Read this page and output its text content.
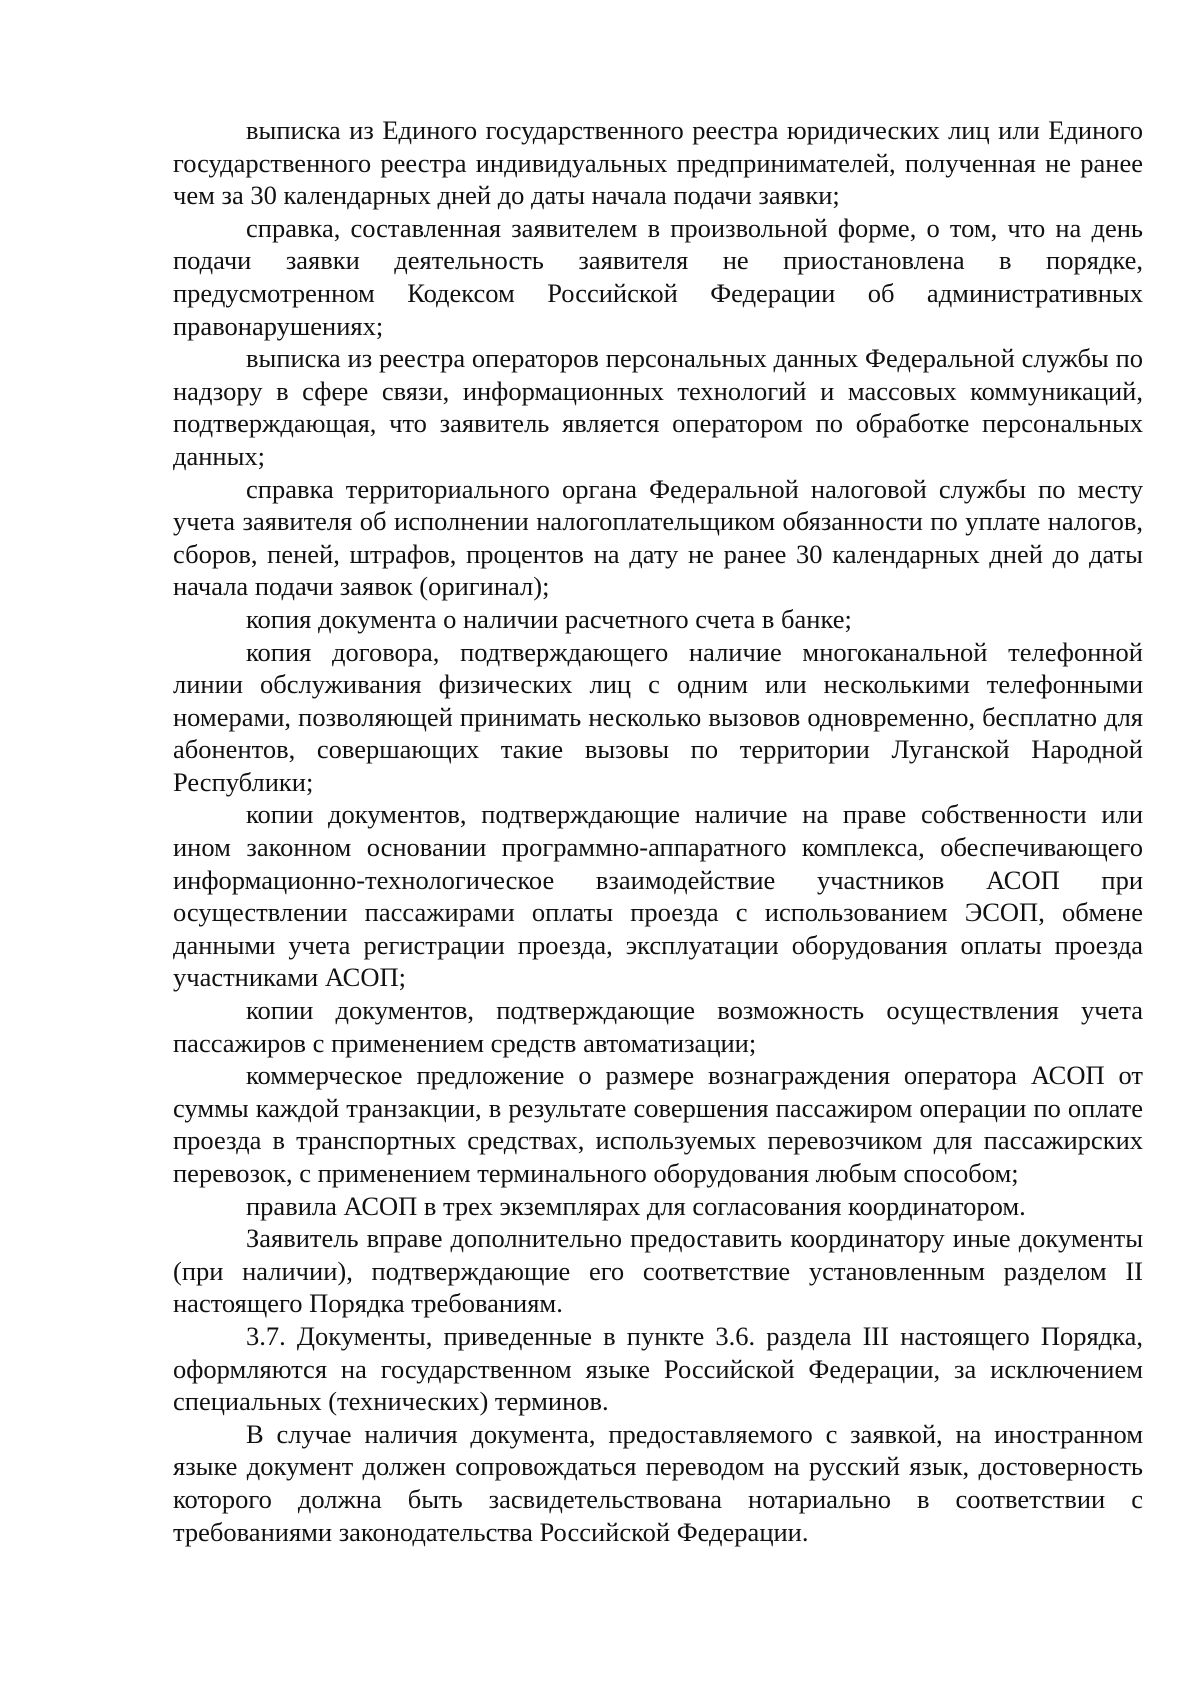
выписка из Единого государственного реестра юридических лиц или Единого государственного реестра индивидуальных предпринимателей, полученная не ранее чем за 30 календарных дней до даты начала подачи заявки;

справка, составленная заявителем в произвольной форме, о том, что на день подачи заявки деятельность заявителя не приостановлена в порядке, предусмотренном Кодексом Российской Федерации об административных правонарушениях;

выписка из реестра операторов персональных данных Федеральной службы по надзору в сфере связи, информационных технологий и массовых коммуникаций, подтверждающая, что заявитель является оператором по обработке персональных данных;

справка территориального органа Федеральной налоговой службы по месту учета заявителя об исполнении налогоплательщиком обязанности по уплате налогов, сборов, пеней, штрафов, процентов на дату не ранее 30 календарных дней до даты начала подачи заявок (оригинал);

копия документа о наличии расчетного счета в банке;

копия договора, подтверждающего наличие многоканальной телефонной линии обслуживания физических лиц с одним или несколькими телефонными номерами, позволяющей принимать несколько вызовов одновременно, бесплатно для абонентов, совершающих такие вызовы по территории Луганской Народной Республики;

копии документов, подтверждающие наличие на праве собственности или ином законном основании программно-аппаратного комплекса, обеспечивающего информационно-технологическое взаимодействие участников АСОП при осуществлении пассажирами оплаты проезда с использованием ЭСОП, обмене данными учета регистрации проезда, эксплуатации оборудования оплаты проезда участниками АСОП;

копии документов, подтверждающие возможность осуществления учета пассажиров с применением средств автоматизации;

коммерческое предложение о размере вознаграждения оператора АСОП от суммы каждой транзакции, в результате совершения пассажиром операции по оплате проезда в транспортных средствах, используемых перевозчиком для пассажирских перевозок, с применением терминального оборудования любым способом;

правила АСОП в трех экземплярах для согласования координатором.

Заявитель вправе дополнительно предоставить координатору иные документы (при наличии), подтверждающие его соответствие установленным разделом II настоящего Порядка требованиям.

3.7. Документы, приведенные в пункте 3.6. раздела III настоящего Порядка, оформляются на государственном языке Российской Федерации, за исключением специальных (технических) терминов.

В случае наличия документа, предоставляемого с заявкой, на иностранном языке документ должен сопровождаться переводом на русский язык, достоверность которого должна быть засвидетельствована нотариально в соответствии с требованиями законодательства Российской Федерации.
